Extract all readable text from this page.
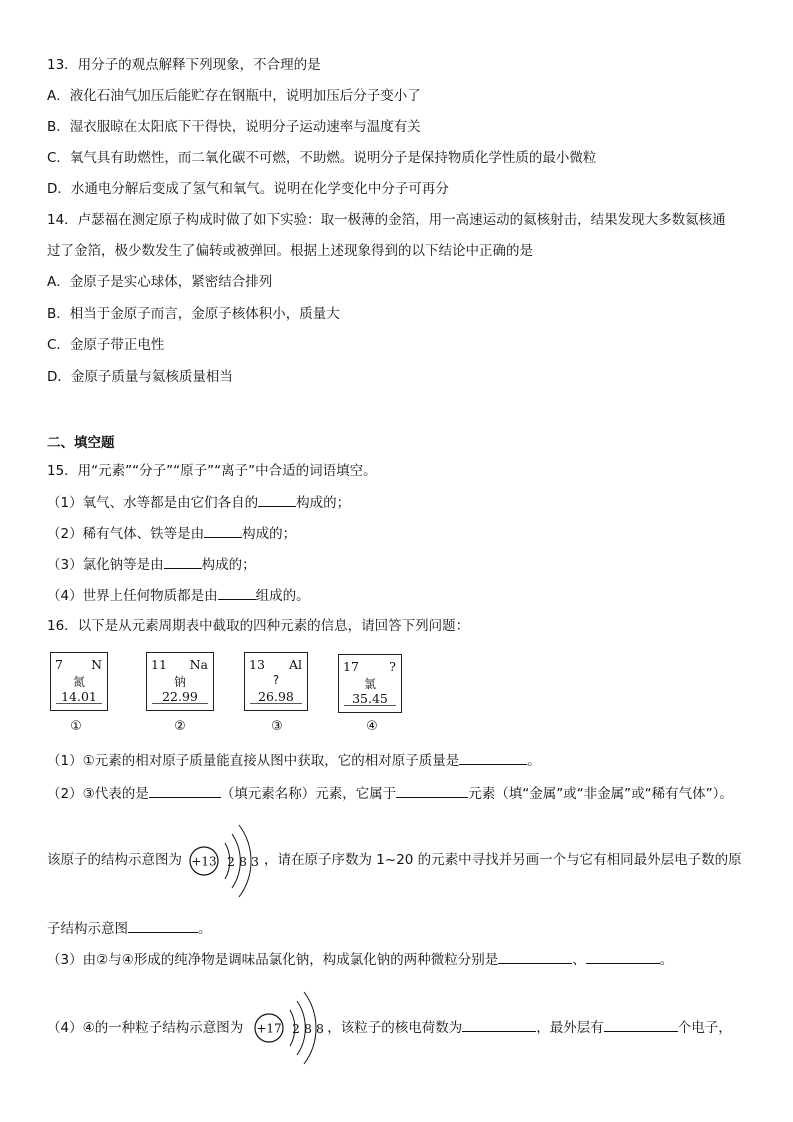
13．用分子的观点解释下列现象，不合理的是
A．液化石油气加压后能贮存在钢瓶中，说明加压后分子变小了
B．湿衣服晾在太阳底下干得快，说明分子运动速率与温度有关
C．氧气具有助燃性，而二氧化碳不可燃，不助燃。说明分子是保持物质化学性质的最小微粒
D．水通电分解后变成了氢气和氧气。说明在化学变化中分子可再分
14．卢瑟福在测定原子构成时做了如下实验：取一极薄的金箔，用一高速运动的氦核射击，结果发现大多数氦核通
过了金箔，极少数发生了偏转或被弹回。根据上述现象得到的以下结论中正确的是
A．金原子是实心球体，紧密结合排列
B．相当于金原子而言，金原子核体积小，质量大
C．金原子带正电性
D．金原子质量与氦核质量相当
二、填空题
15．用“元素”“分子”“原子”“离子”中合适的词语填空。
（1）氧气、水等都是由它们各自的	构成的；
（2）稀有气体、铁等是由	构成的；
（3）氯化钠等是由	构成的；
（4）世界上任何物质都是由	组成的。
16．以下是从元素周期表中截取的四种元素的信息，请回答下列问题：
7 N
氮
14.01
11 Na
钠
22.99
13 Al
?
26.98
17 ?
氯
35.45
①	②	③	④
（1）①元素的相对原子质量能直接从图中获取，它的相对原子质量是	。
（2）③代表的是	（填元素名称）元素，它属于	元素（填“金属”或“非金属”或“稀有气体”）。
该原子的结构示意图为	，请在原子序数为 1~20 的元素中寻找并另画一个与它有相同最外层电子数的原
+13 2 8 3
子结构示意图	。
（3）由②与④形成的纯净物是调味品氯化钠，构成氯化钠的两种微粒分别是	、	。
（4）④的一种粒子结构示意图为	，该粒子的核电荷数为	，最外层有	个电子，
+17 2 8 8
